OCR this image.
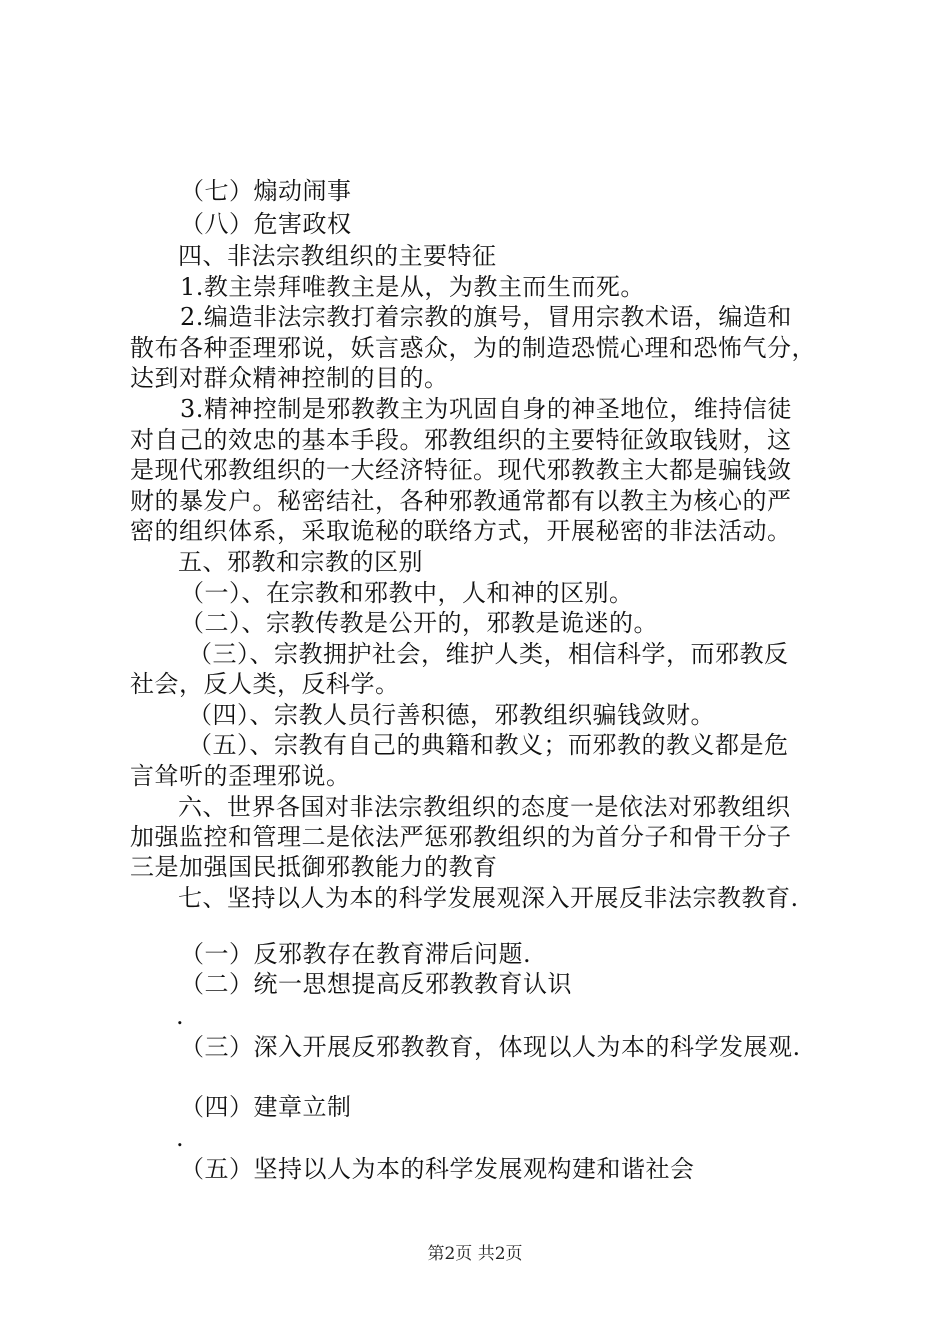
（七）煽动闹事
（八）危害政权
四、非法宗教组织的主要特征
1.教主崇拜唯教主是从，为教主而生而死。
2.编造非法宗教打着宗教的旗号，冒用宗教术语，编造和
散布各种歪理邪说，妖言惑众，为的制造恐慌心理和恐怖气分，
达到对群众精神控制的目的。
3.精神控制是邪教教主为巩固自身的神圣地位，维持信徒
对自己的效忠的基本手段。邪教组织的主要特征敛取钱财，这
是现代邪教组织的一大经济特征。现代邪教教主大都是骗钱敛
财的暴发户。秘密结社，各种邪教通常都有以教主为核心的严
密的组织体系，采取诡秘的联络方式，开展秘密的非法活动。
五、邪教和宗教的区别
（一）、在宗教和邪教中，人和神的区别。
（二）、宗教传教是公开的，邪教是诡迷的。
（三）、宗教拥护社会，维护人类，相信科学，而邪教反
社会，反人类，反科学。
（四）、宗教人员行善积德，邪教组织骗钱敛财。
（五）、宗教有自己的典籍和教义；而邪教的教义都是危
言耸听的歪理邪说。
六、世界各国对非法宗教组织的态度一是依法对邪教组织
加强监控和管理二是依法严惩邪教组织的为首分子和骨干分子
三是加强国民抵御邪教能力的教育
七、坚持以人为本的科学发展观深入开展反非法宗教教育.
（一）反邪教存在教育滞后问题.
（二）统一思想提高反邪教教育认识
.
（三）深入开展反邪教教育，体现以人为本的科学发展观.
（四）建章立制
.
（五）坚持以人为本的科学发展观构建和谐社会
第2页 共2页
